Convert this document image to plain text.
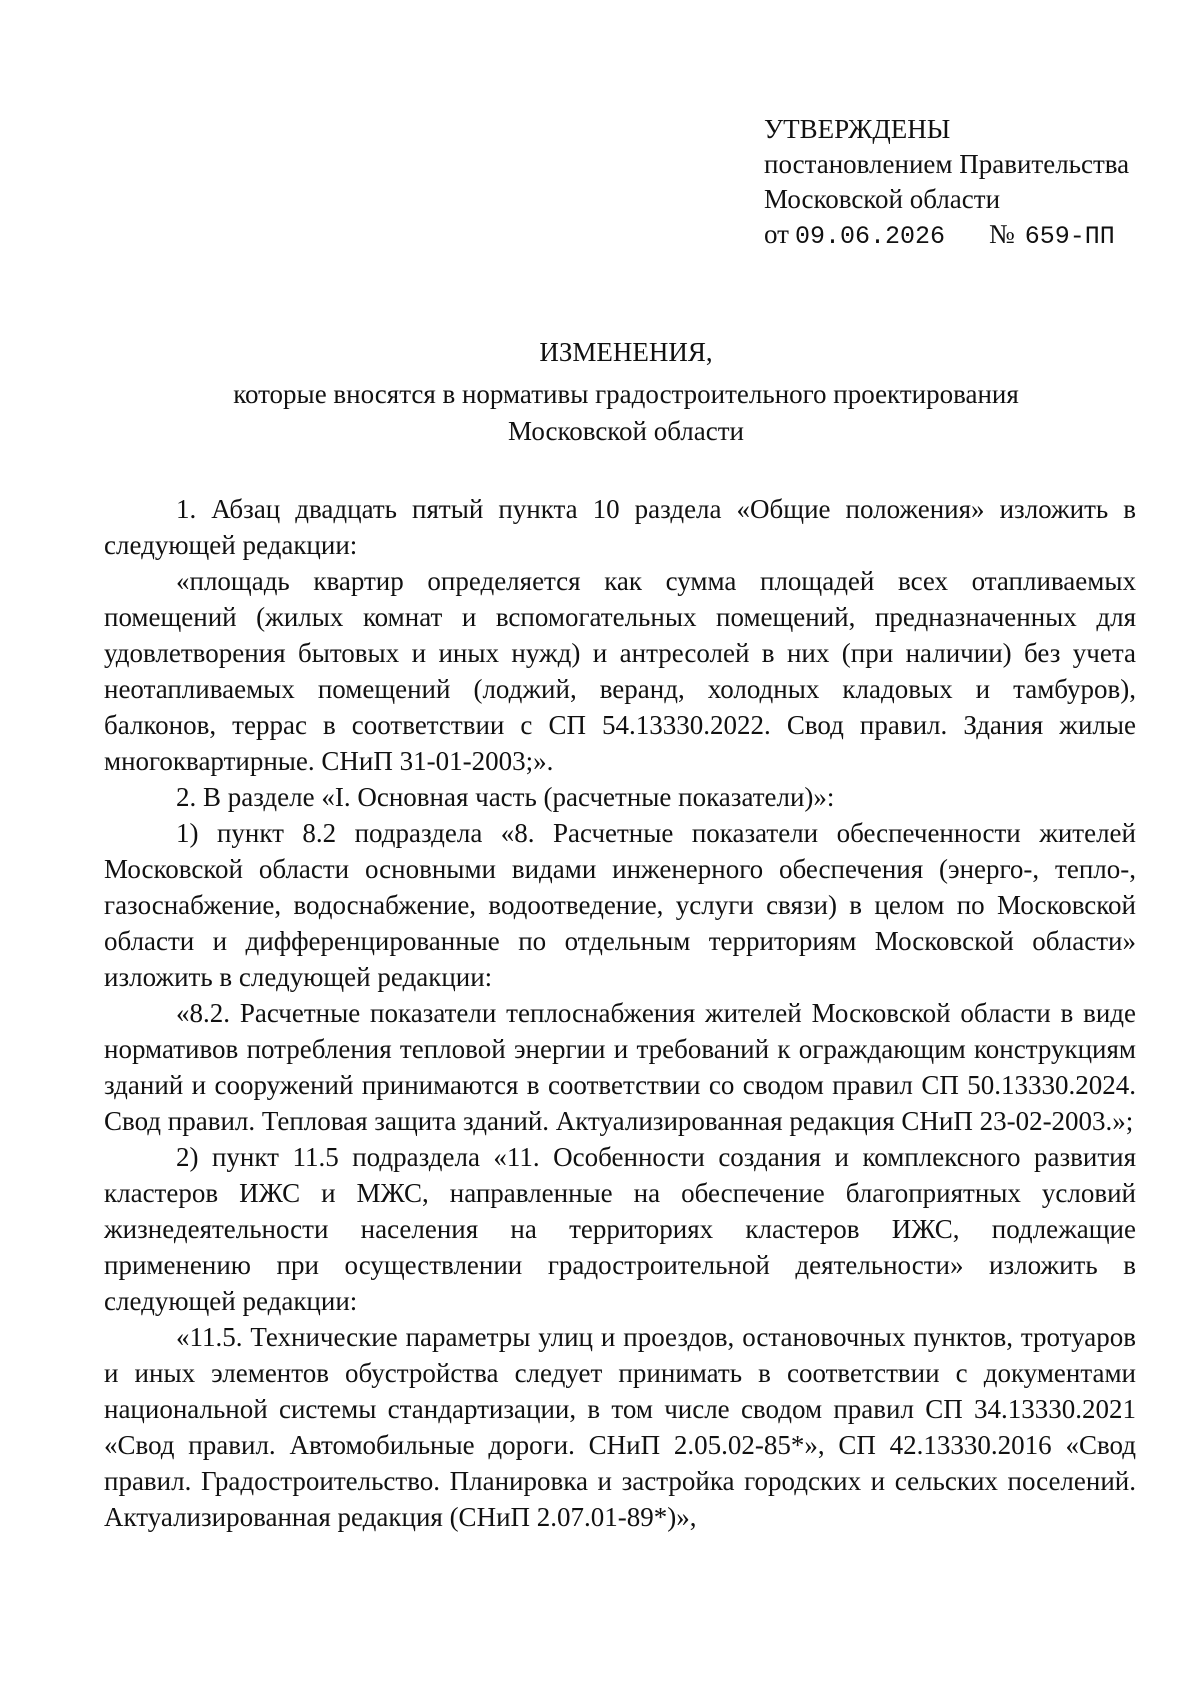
УТВЕРЖДЕНЫ
постановлением Правительства
Московской области
от 09.06.2026 № 659-ПП
ИЗМЕНЕНИЯ,
которые вносятся в нормативы градостроительного проектирования
Московской области

1. Абзац двадцать пятый пункта 10 раздела «Общие положения» изложить в следующей редакции:

«площадь квартир определяется как сумма площадей всех отапливаемых помещений (жилых комнат и вспомогательных помещений, предназначенных для удовлетворения бытовых и иных нужд) и антресолей в них (при наличии) без учета неотапливаемых помещений (лоджий, веранд, холодных кладовых и тамбуров), балконов, террас в соответствии с СП 54.13330.2022. Свод правил. Здания жилые многоквартирные. СНиП 31-01-2003;».

2. В разделе «I. Основная часть (расчетные показатели)»:

1) пункт 8.2 подраздела «8. Расчетные показатели обеспеченности жителей Московской области основными видами инженерного обеспечения (энерго-, тепло-, газоснабжение, водоснабжение, водоотведение, услуги связи) в целом по Московской области и дифференцированные по отдельным территориям Московской области» изложить в следующей редакции:

«8.2. Расчетные показатели теплоснабжения жителей Московской области в виде нормативов потребления тепловой энергии и требований к ограждающим конструкциям зданий и сооружений принимаются в соответствии со сводом правил СП 50.13330.2024. Свод правил. Тепловая защита зданий. Актуализированная редакция СНиП 23-02-2003.»;

2) пункт 11.5 подраздела «11. Особенности создания и комплексного развития кластеров ИЖС и МЖС, направленные на обеспечение благоприятных условий жизнедеятельности населения на территориях кластеров ИЖС, подлежащие применению при осуществлении градостроительной деятельности» изложить в следующей редакции:

«11.5. Технические параметры улиц и проездов, остановочных пунктов, тротуаров и иных элементов обустройства следует принимать в соответствии с документами национальной системы стандартизации, в том числе сводом правил СП 34.13330.2021 «Свод правил. Автомобильные дороги. СНиП 2.05.02-85*», СП 42.13330.2016 «Свод правил. Градостроительство. Планировка и застройка городских и сельских поселений. Актуализированная редакция (СНиП 2.07.01-89*)»,
